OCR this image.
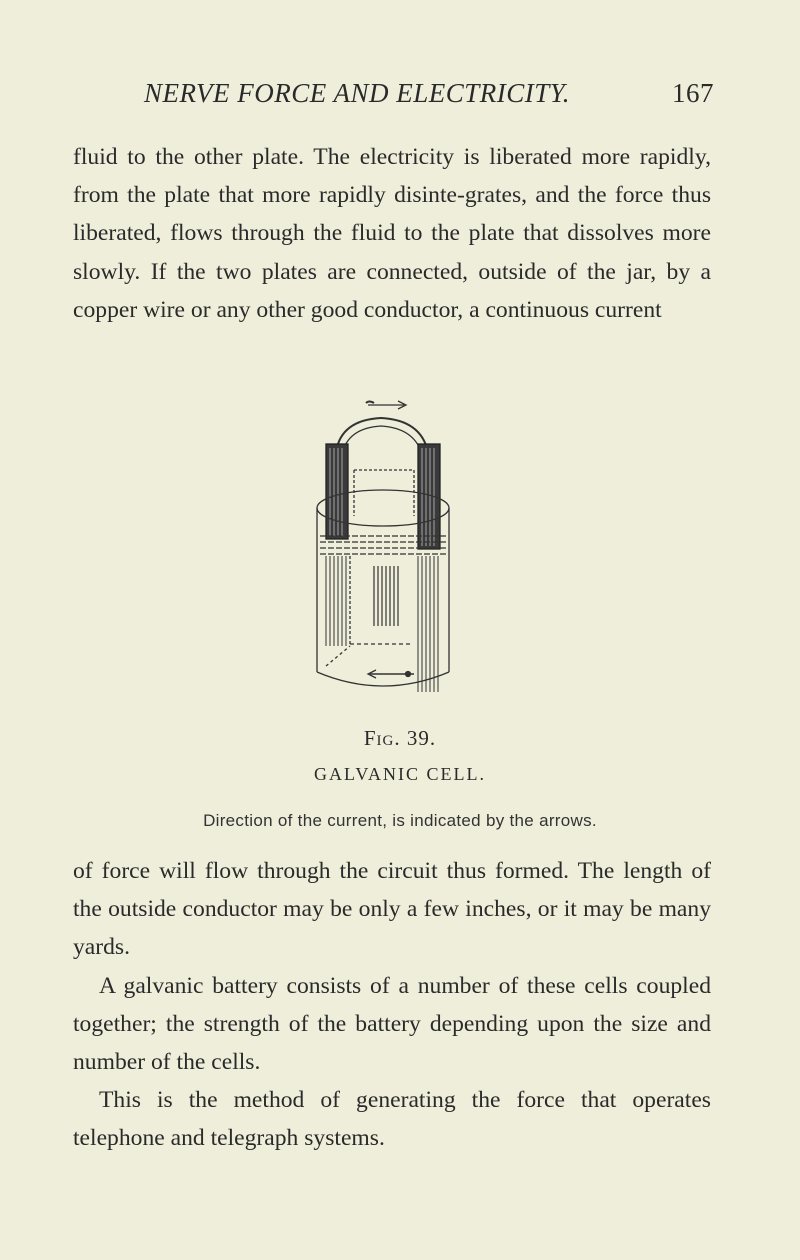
NERVE FORCE AND ELECTRICITY.	167

fluid to the other plate. The electricity is liberated more rapidly, from the plate that more rapidly disinte-grates, and the force thus liberated, flows through the fluid to the plate that dissolves more slowly. If the two plates are connected, outside of the jar, by a copper wire or any other good conductor, a continuous current

Fig. 39.
GALVANIC CELL.
Direction of the current, is indicated by the arrows.

of force will flow through the circuit thus formed. The length of the outside conductor may be only a few inches, or it may be many yards.

A galvanic battery consists of a number of these cells coupled together; the strength of the battery depending upon the size and number of the cells.

This is the method of generating the force that operates telephone and telegraph systems.
